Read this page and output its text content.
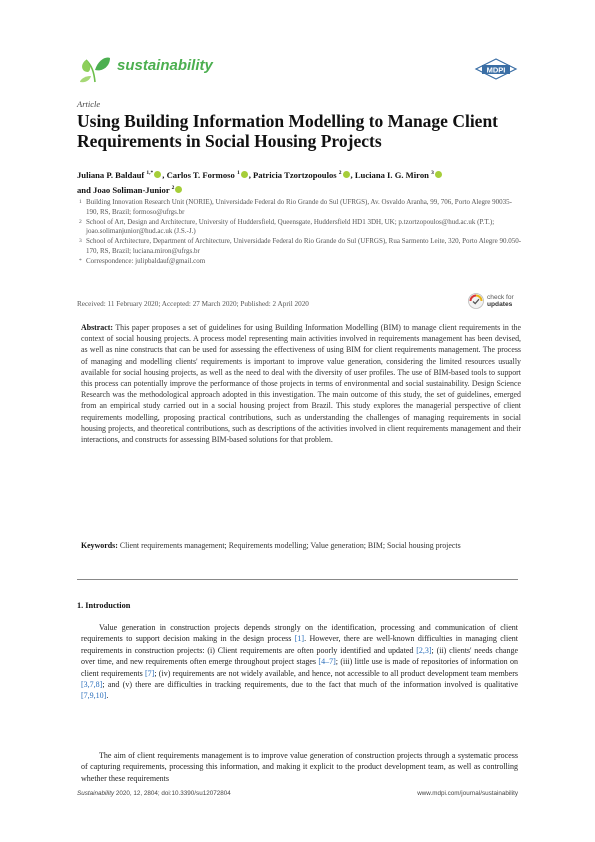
sustainability	MDPI
Article
Using Building Information Modelling to Manage Client Requirements in Social Housing Projects
Juliana P. Baldauf $^{1,*}$ , Carlos T. Formoso $^1$ , Patricia Tzortzopoulos $^2$ , Luciana I. G. Miron $^3$
and Joao Soliman-Junior $^2$
1 Building Innovation Research Unit (NORIE), Universidade Federal do Rio Grande do Sul (UFRGS), Av. Osvaldo Aranha, 99, 706, Porto Alegre 90035-190, RS, Brazil; formoso@ufrgs.br
2 School of Art, Design and Architecture, University of Huddersfield, Queensgate, Huddersfield HD1 3DH, UK; p.tzortzopoulos@hud.ac.uk (P.T.); joao.solimanjunior@hud.ac.uk (J.S.-J.)
3 School of Architecture, Department of Architecture, Universidade Federal do Rio Grande do Sul (UFRGS), Rua Sarmento Leite, 320, Porto Alegre 90.050-170, RS, Brazil; luciana.miron@ufrgs.br
* Correspondence: julipbaldauf@gmail.com
Received: 11 February 2020; Accepted: 27 March 2020; Published: 2 April 2020
check for
updates
Abstract: This paper proposes a set of guidelines for using Building Information Modelling (BIM) to manage client requirements in the context of social housing projects. A process model representing main activities involved in requirements management has been devised, as well as nine constructs that can be used for assessing the effectiveness of using BIM for client requirements management. The process of managing and modelling clients' requirements is important to improve value generation, considering the limited resources usually available for social housing projects, as well as the need to deal with the diversity of user profiles. The use of BIM-based tools to support this process can potentially improve the performance of those projects in terms of environmental and social sustainability. Design Science Research was the methodological approach adopted in this investigation. The main outcome of this study, the set of guidelines, emerged from an empirical study carried out in a social housing project from Brazil. This study explores the managerial perspective of client requirements modelling, proposing practical contributions, such as understanding the challenges of managing requirements in social housing projects, and theoretical contributions, such as descriptions of the activities involved in client requirements management and their interactions, and constructs for assessing BIM-based solutions for that problem.
Keywords: Client requirements management; Requirements modelling; Value generation; BIM; Social housing projects
1. Introduction
Value generation in construction projects depends strongly on the identification, processing and communication of client requirements to support decision making in the design process [1]. However, there are well-known difficulties in managing client requirements in construction projects: (i) Client requirements are often poorly identified and updated [2,3]; (ii) clients' needs change over time, and new requirements often emerge throughout project stages [4–7]; (iii) little use is made of repositories of information on client requirements [7]; (iv) requirements are not widely available, and hence, not accessible to all product development team members [3,7,8]; and (v) there are difficulties in tracking requirements, due to the fact that much of the information involved is qualitative [7,9,10].
The aim of client requirements management is to improve value generation of construction projects through a systematic process of capturing requirements, processing this information, and making it explicit to the product development team, as well as controlling whether these requirements
Sustainability 2020, 12, 2804; doi:10.3390/su12072804	www.mdpi.com/journal/sustainability
